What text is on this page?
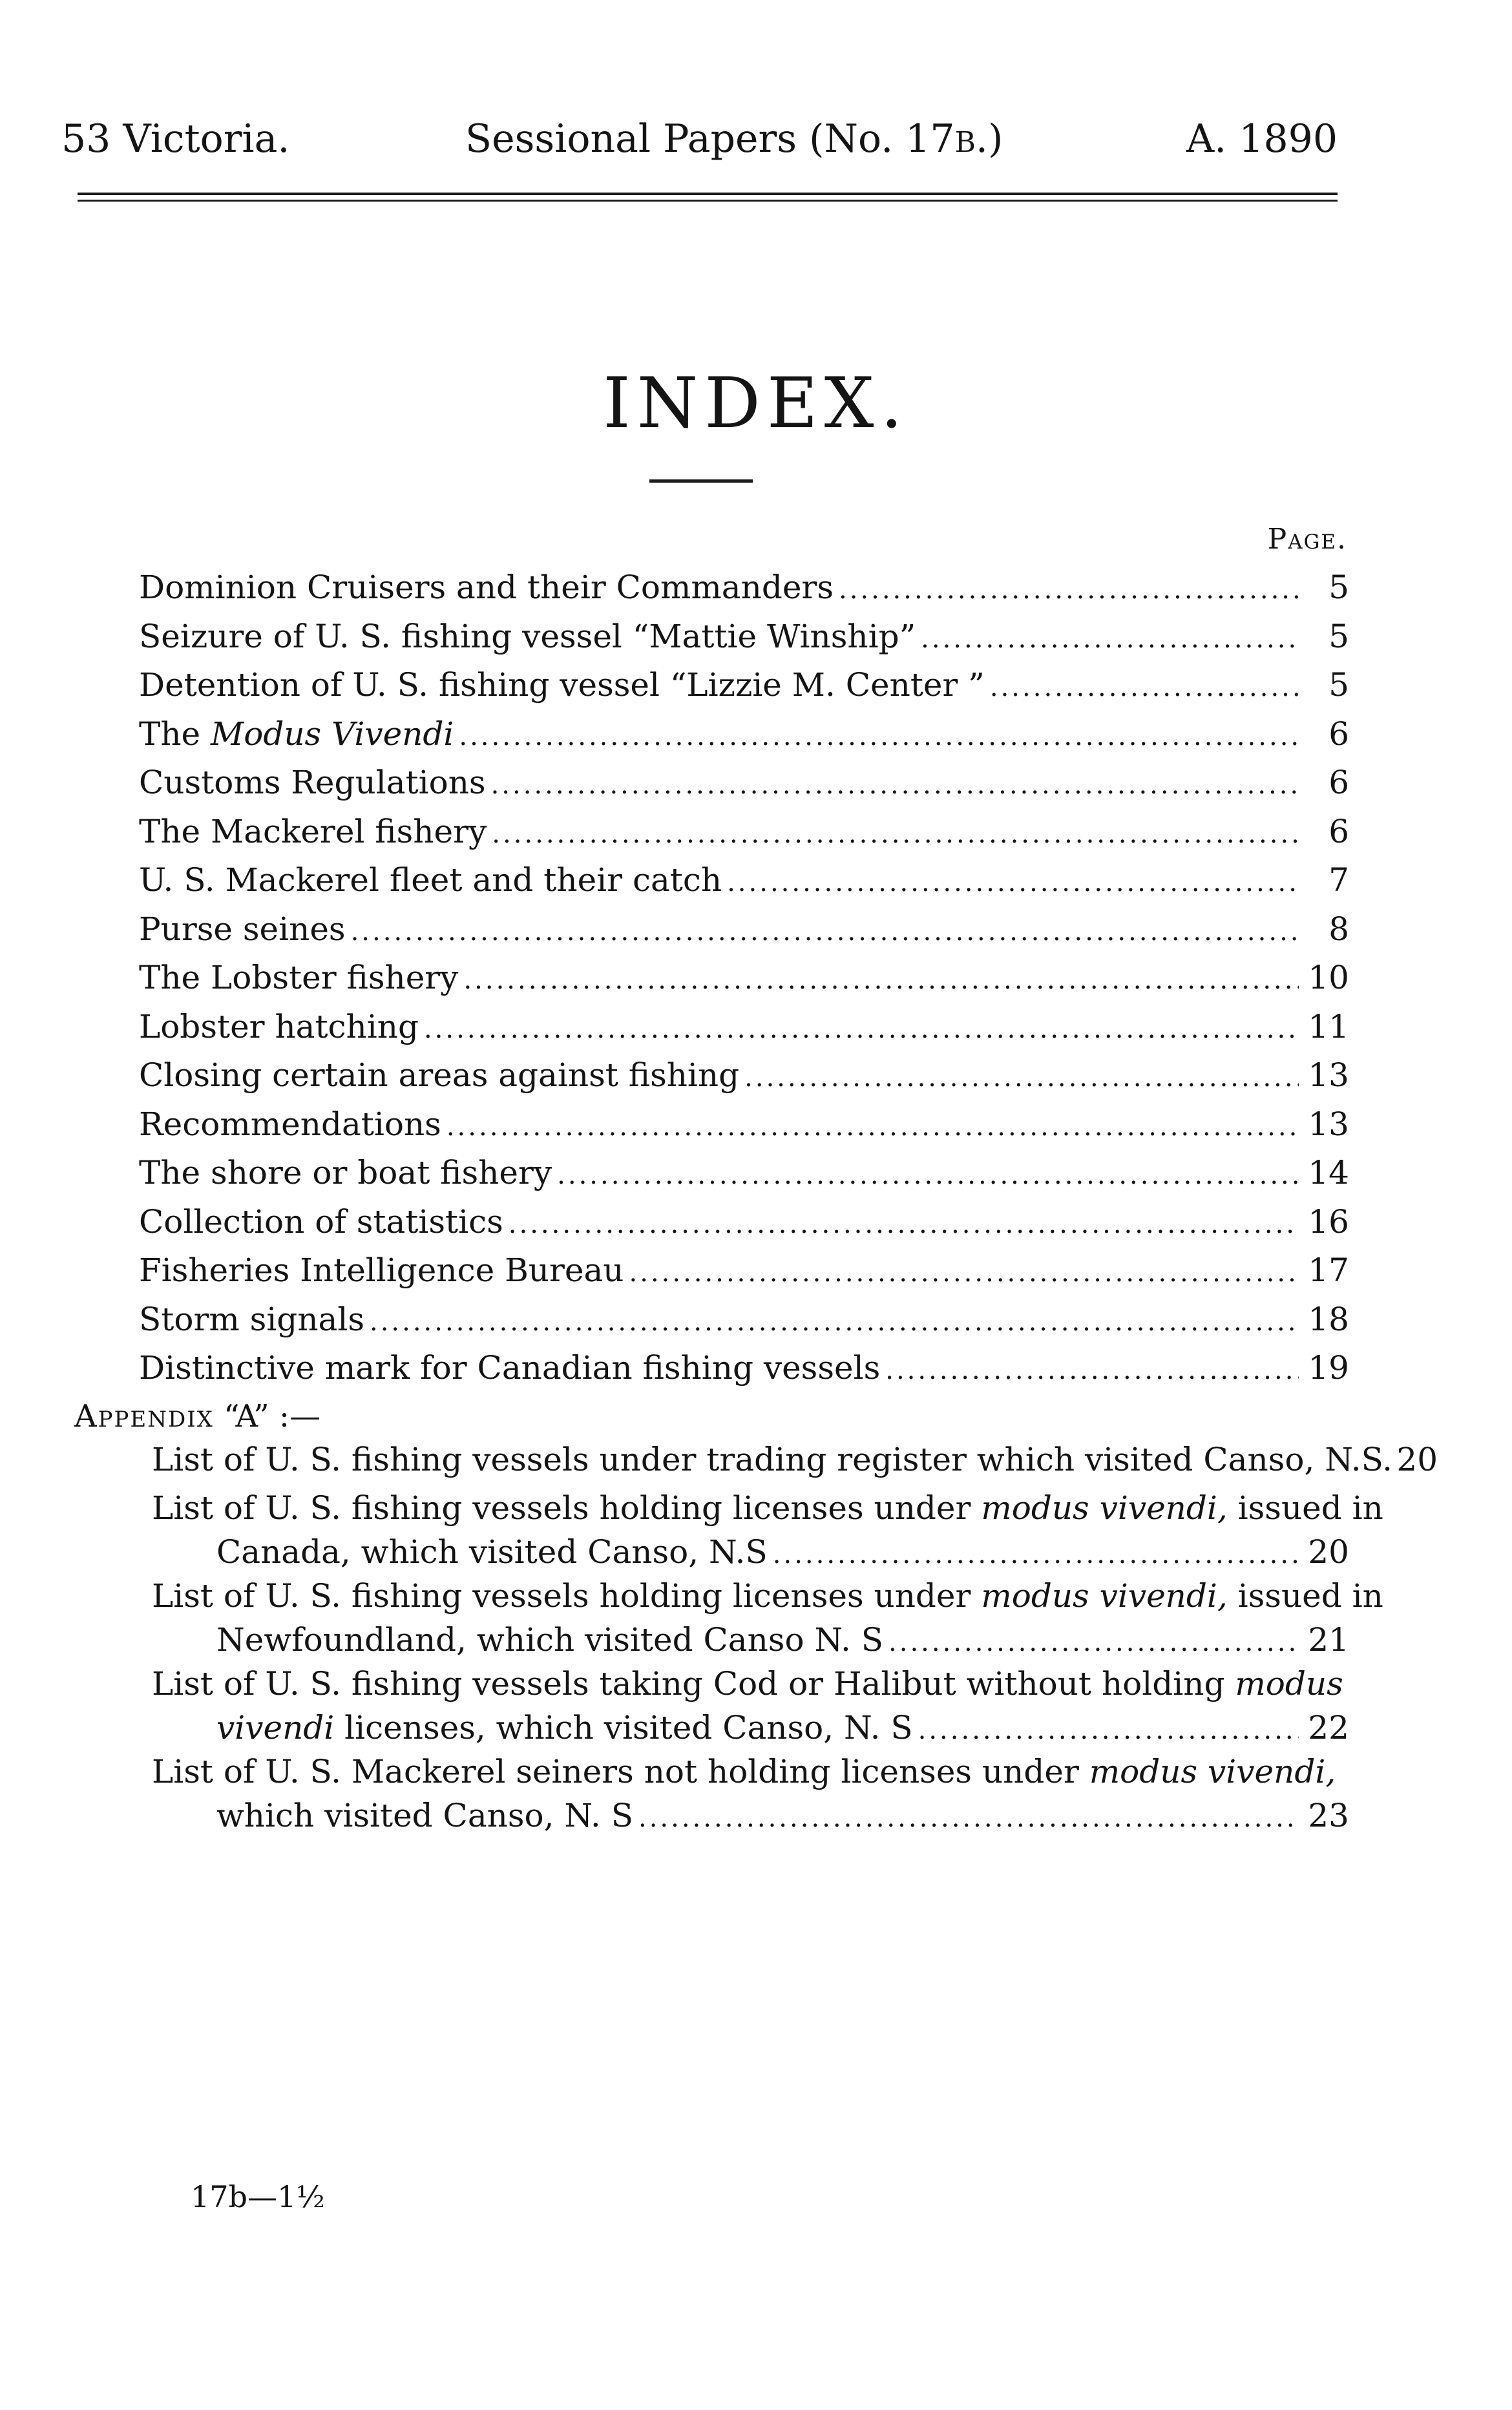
53 Victoria.	Sessional Papers (No. 17B.)	A. 1890
INDEX.
Page.
Dominion Cruisers and their Commanders .....	5
Seizure of U. S. fishing vessel “Mattie Winship” .....	5
Detention of U. S. fishing vessel “Lizzie M. Center ” .....	5
The Modus Vivendi .....	6
Customs Regulations .....	6
The Mackerel fishery .....	6
U. S. Mackerel fleet and their catch .....	7
Purse seines .....	8
The Lobster fishery .....	10
Lobster hatching .....	11
Closing certain areas against fishing .....	13
Recommendations .....	13
The shore or boat fishery .....	14
Collection of statistics .....	16
Fisheries Intelligence Bureau .....	17
Storm signals .....	18
Distinctive mark for Canadian fishing vessels .....	19
Appendix “A” :—
List of U. S. fishing vessels under trading register which visited Canso, N.S. 20
List of U. S. fishing vessels holding licenses under modus vivendi, issued in
Canada, which visited Canso, N.S .....	20
List of U. S. fishing vessels holding licenses under modus vivendi, issued in
Newfoundland, which visited Canso N. S .....	21
List of U. S. fishing vessels taking Cod or Halibut without holding modus
vivendi licenses, which visited Canso, N. S .....	22
List of U. S. Mackerel seiners not holding licenses under modus vivendi,
which visited Canso, N. S .....	23
17b—1½
